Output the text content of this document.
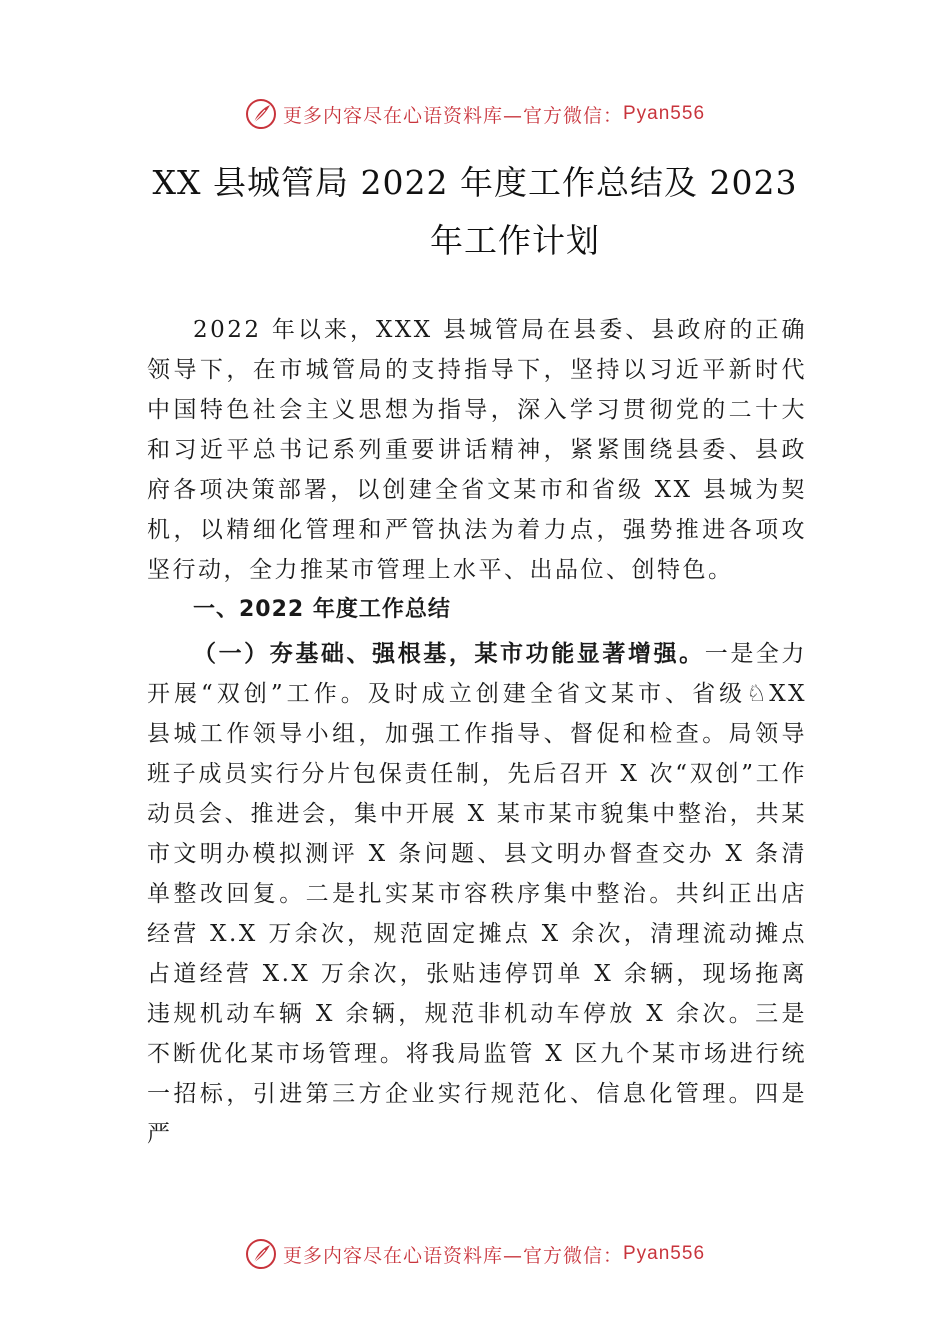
更多内容尽在心语资料库—官方微信： Pyan556
XX 县城管局 2022 年度工作总结及 2023
年工作计划

2022 年以来，XXX 县城管局在县委、县政府的正确领导下，在市城管局的支持指导下，坚持以习近平新时代中国特色社会主义思想为指导，深入学习贯彻党的二十大和习近平总书记系列重要讲话精神，紧紧围绕县委、县政府各项决策部署，以创建全省文某市和省级 XX 县城为契机，以精细化管理和严管执法为着力点，强势推进各项攻坚行动，全力推某市管理上水平、出品位、创特色。

一、2022 年度工作总结

（一）夯基础、强根基，某市功能显著增强。一是全力开展“双创”工作。及时成立创建全省文某市、省级♘XX 县城工作领导小组，加强工作指导、督促和检查。局领导班子成员实行分片包保责任制，先后召开 X 次“双创”工作动员会、推进会，集中开展 X 某市某市貌集中整治，共某市文明办模拟测评 X 条问题、县文明办督查交办 X 条清单整改回复。二是扎实某市容秩序集中整治。共纠正出店经营 X.X 万余次，规范固定摊点 X 余次，清理流动摊点占道经营 X.X 万余次，张贴违停罚单 X 余辆，现场拖离违规机动车辆 X 余辆，规范非机动车停放 X 余次。三是不断优化某市场管理。将我局监管 X 区九个某市场进行统一招标，引进第三方企业实行规范化、信息化管理。四是严

更多内容尽在心语资料库—官方微信： Pyan556
